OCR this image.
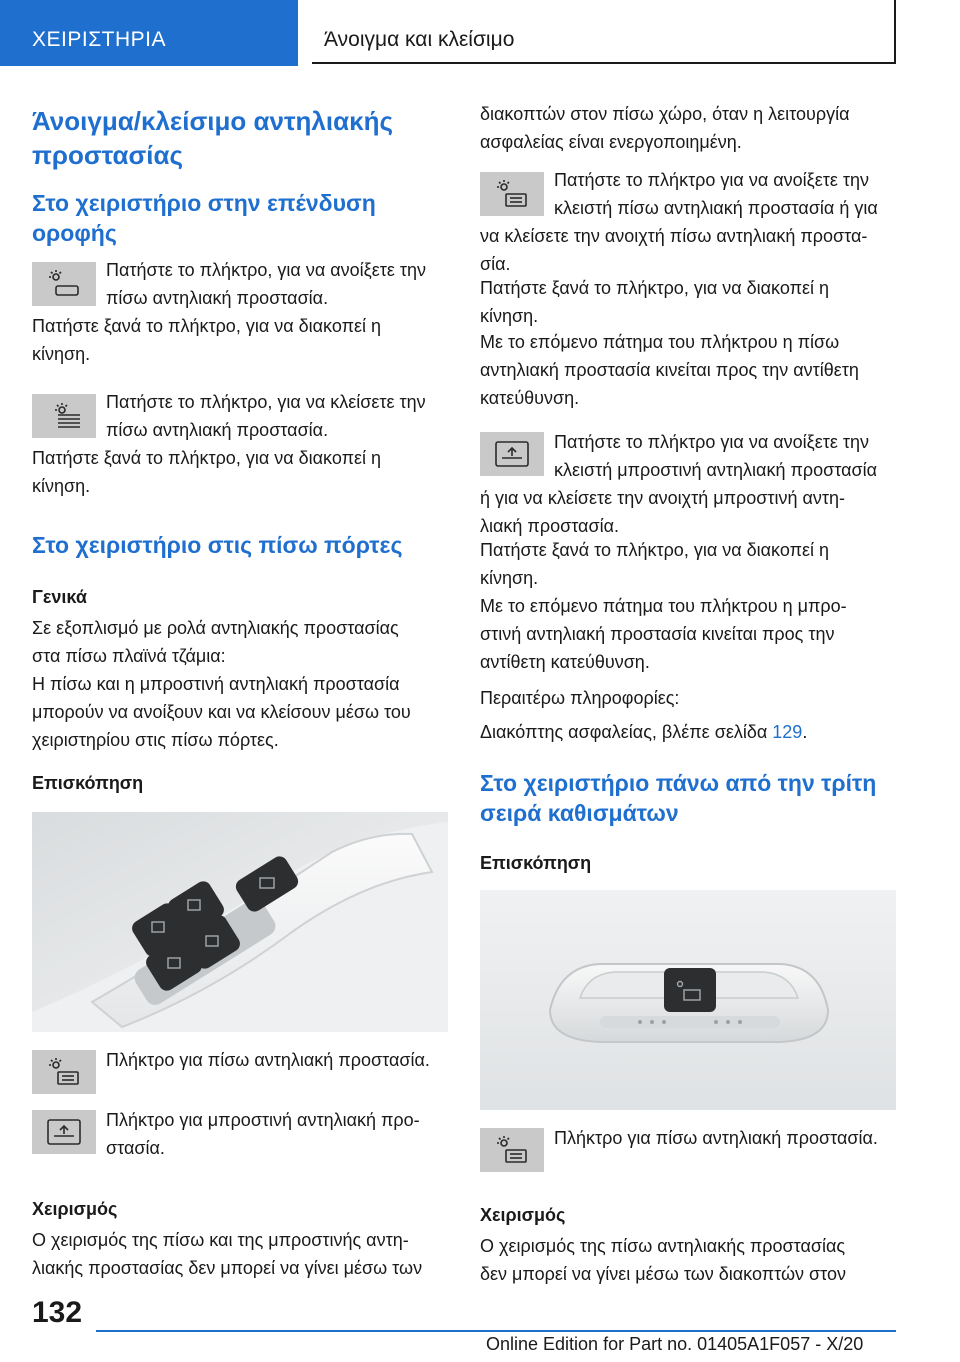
ΧΕΙΡΙΣΤΗΡΙΑ	Άνοιγμα και κλείσιμο
Άνοιγμα/κλείσιμο αντηλιακής
προστασίας
Στο χειριστήριο στην επένδυση
οροφής
Πατήστε το πλήκτρο, για να ανοίξετε την
πίσω αντηλιακή προστασία.
Πατήστε ξανά το πλήκτρο, για να διακοπεί η
κίνηση.
Πατήστε το πλήκτρο, για να κλείσετε την
πίσω αντηλιακή προστασία.
Πατήστε ξανά το πλήκτρο, για να διακοπεί η
κίνηση.
Στο χειριστήριο στις πίσω πόρτες
Γενικά
Σε εξοπλισμό με ρολά αντηλιακής προστασίας
στα πίσω πλαϊνά τζάμια:
Η πίσω και η μπροστινή αντηλιακή προστασία
μπορούν να ανοίξουν και να κλείσουν μέσω του
χειριστηρίου στις πίσω πόρτες.
Επισκόπηση
Πλήκτρο για πίσω αντηλιακή προστασία.
Πλήκτρο για μπροστινή αντηλιακή προ-
στασία.
Χειρισμός
Ο χειρισμός της πίσω και της μπροστινής αντη-
λιακής προστασίας δεν μπορεί να γίνει μέσω των
διακοπτών στον πίσω χώρο, όταν η λειτουργία
ασφαλείας είναι ενεργοποιημένη.
Πατήστε το πλήκτρο για να ανοίξετε την
κλειστή πίσω αντηλιακή προστασία ή για
να κλείσετε την ανοιχτή πίσω αντηλιακή προστα-
σία.
Πατήστε ξανά το πλήκτρο, για να διακοπεί η
κίνηση.
Με το επόμενο πάτημα του πλήκτρου η πίσω
αντηλιακή προστασία κινείται προς την αντίθετη
κατεύθυνση.
Πατήστε το πλήκτρο για να ανοίξετε την
κλειστή μπροστινή αντηλιακή προστασία
ή για να κλείσετε την ανοιχτή μπροστινή αντη-
λιακή προστασία.
Πατήστε ξανά το πλήκτρο, για να διακοπεί η
κίνηση.
Με το επόμενο πάτημα του πλήκτρου η μπρο-
στινή αντηλιακή προστασία κινείται προς την
αντίθετη κατεύθυνση.
Περαιτέρω πληροφορίες:
Διακόπτης ασφαλείας, βλέπε σελίδα 129.
Στο χειριστήριο πάνω από την τρίτη
σειρά καθισμάτων
Επισκόπηση
Πλήκτρο για πίσω αντηλιακή προστασία.
Χειρισμός
Ο χειρισμός της πίσω αντηλιακής προστασίας
δεν μπορεί να γίνει μέσω των διακοπτών στον
132
Online Edition for Part no. 01405A1F057 - X/20
